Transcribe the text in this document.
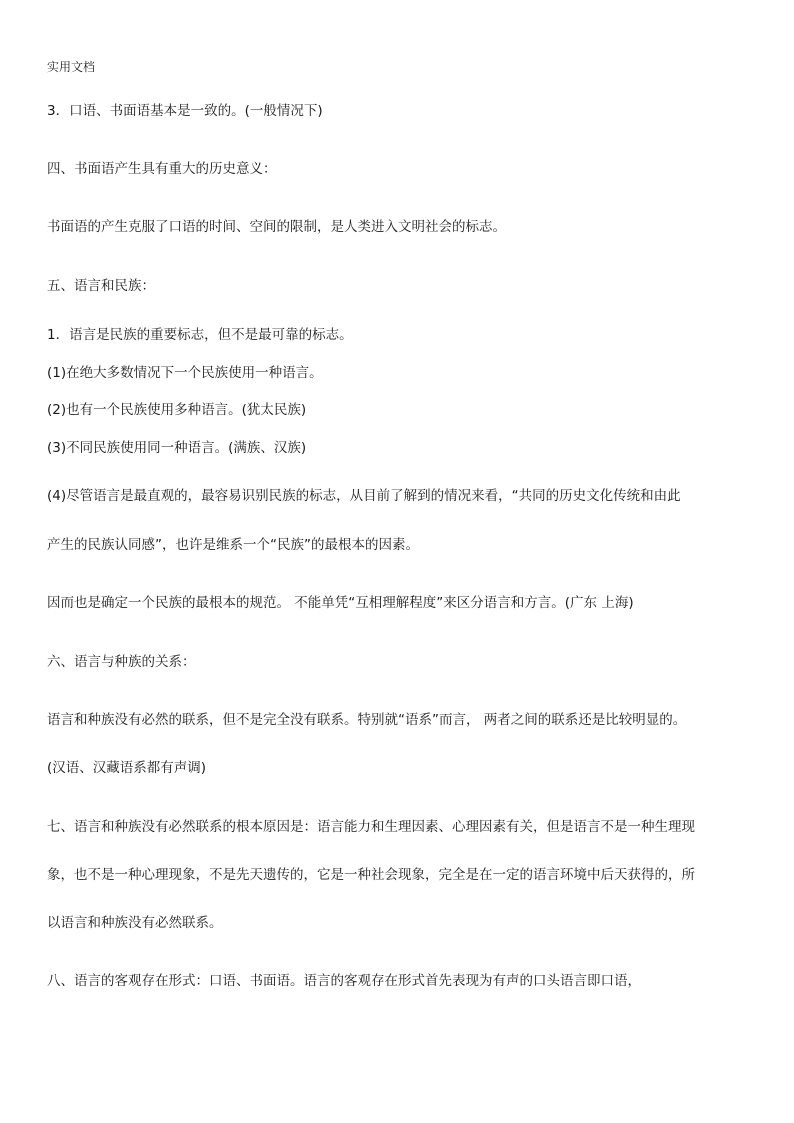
实用文档

3．口语、书面语基本是一致的。(一般情况下)

四、书面语产生具有重大的历史意义：

书面语的产生克服了口语的时间、空间的限制，是人类进入文明社会的标志。

五、语言和民族：

1．语言是民族的重要标志，但不是最可靠的标志。

(1)在绝大多数情况下一个民族使用一种语言。

(2)也有一个民族使用多种语言。(犹太民族)

(3)不同民族使用同一种语言。(满族、汉族)

(4)尽管语言是最直观的，最容易识别民族的标志，从目前了解到的情况来看，“共同的历史文化传统和由此

产生的民族认同感”，也许是维系一个“民族”的最根本的因素。

因而也是确定一个民族的最根本的规范。 不能单凭“互相理解程度”来区分语言和方言。(广东 上海)

六、语言与种族的关系：

语言和种族没有必然的联系，但不是完全没有联系。特别就“语系”而言， 两者之间的联系还是比较明显的。

(汉语、汉藏语系都有声调)

七、语言和种族没有必然联系的根本原因是：语言能力和生理因素、心理因素有关，但是语言不是一种生理现

象，也不是一种心理现象，不是先天遗传的，它是一种社会现象，完全是在一定的语言环境中后天获得的，所

以语言和种族没有必然联系。

八、语言的客观存在形式：口语、书面语。语言的客观存在形式首先表现为有声的口头语言即口语，
